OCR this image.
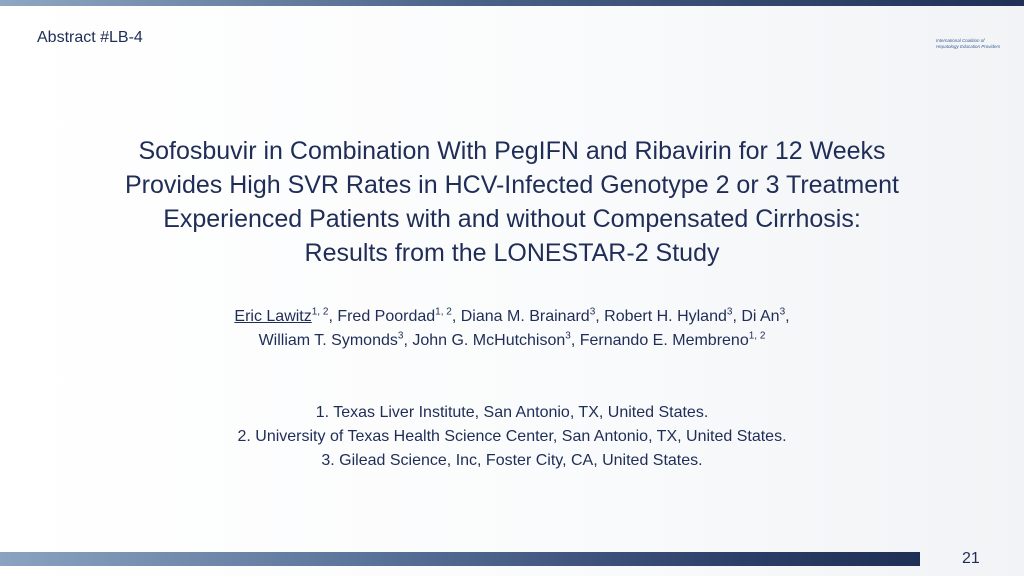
Abstract #LB-4	International Coalition of
Hepatology Education Providers
Sofosbuvir in Combination With PegIFN and Ribavirin for 12 Weeks
Provides High SVR Rates in HCV-Infected Genotype 2 or 3 Treatment
Experienced Patients with and without Compensated Cirrhosis:
Results from the LONESTAR-2 Study
Eric Lawitz$^{1, 2}$, Fred Poordad$^{1, 2}$, Diana M. Brainard$^3$, Robert H. Hyland$^3$, Di An$^3$,
William T. Symonds$^3$, John G. McHutchison$^3$, Fernando E. Membreno$^{1, 2}$
1. Texas Liver Institute, San Antonio, TX, United States.
2. University of Texas Health Science Center, San Antonio, TX, United States.
3. Gilead Science, Inc, Foster City, CA, United States.
21
